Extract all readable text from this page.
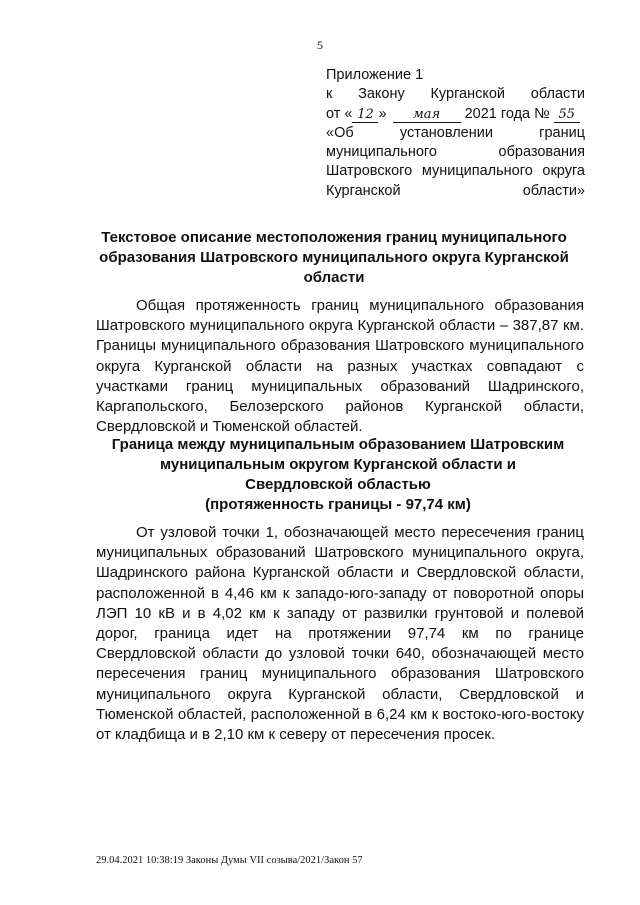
5
Приложение 1
к Закону Курганской области
от « 12 » мая 2021 года № 55
«Об установлении границ муниципального образования Шатровского муниципального округа Курганской области»
Текстовое описание местоположения границ муниципального образования Шатровского муниципального округа Курганской области
Общая протяженность границ муниципального образования Шатровского муниципального округа Курганской области – 387,87 км. Границы муниципального образования Шатровского муниципального округа Курганской области на разных участках совпадают с участками границ муниципальных образований Шадринского, Каргапольского, Белозерского районов Курганской области, Свердловской и Тюменской областей.
Граница между муниципальным образованием Шатровским
муниципальным округом Курганской области и
Свердловской областью
(протяженность границы - 97,74 км)
От узловой точки 1, обозначающей место пересечения границ муниципальных образований Шатровского муниципального округа, Шадринского района Курганской области и Свердловской области, расположенной в 4,46 км к западо-юго-западу от поворотной опоры ЛЭП 10 кВ и в 4,02 км к западу от развилки грунтовой и полевой дорог, граница идет на протяжении 97,74 км по границе Свердловской области до узловой точки 640, обозначающей место пересечения границ муниципального образования Шатровского муниципального округа Курганской области, Свердловской и Тюменской областей, расположенной в 6,24 км к востоко-юго-востоку от кладбища и в 2,10 км к северу от пересечения просек.
29.04.2021 10:38:19 Законы Думы VII созыва/2021/Закон 57
